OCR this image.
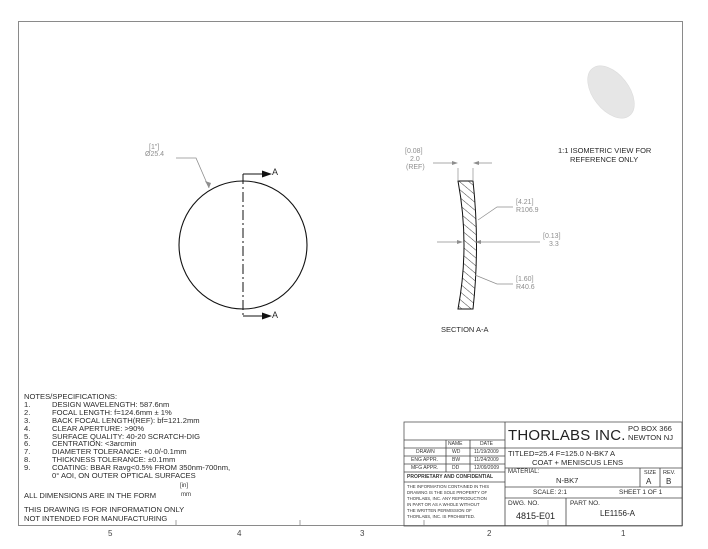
[1"]
Ø25.4
A
A
[0.08]
2.0
(REF)
[4.21]
R106.9
[0.13]
3.3
[1.60]
R40.6
SECTION A-A
1:1 ISOMETRIC VIEW FOR
REFERENCE ONLY
NOTES/SPECIFICATIONS:
1.	DESIGN WAVELENGTH: 587.6nm
2.	FOCAL LENGTH: f=124.6mm ± 1%
3.	BACK FOCAL LENGTH(REF): bf=121.2mm
4.	CLEAR APERTURE: >90%
5.	SURFACE QUALITY: 40-20 SCRATCH-DIG
6.	CENTRATION: <3arcmin
7.	DIAMETER TOLERANCE: +0.0/-0.1mm
8.	THICKNESS TOLERANCE: ±0.1mm
9.	COATING: BBAR Ravg<0.5% FROM 350nm-700nm,
0° AOI, ON OUTER OPTICAL SURFACES
[in]
ALL DIMENSIONS ARE IN THE FORM	mm
THIS DRAWING IS FOR INFORMATION ONLY
NOT INTENDED FOR MANUFACTURING
NAME	DATE
DRAWN	WD	11/19/2009
ENG APPR.	BW	11/24/2009
MFG APPR.	DD	12/09/2009
PROPRIETARY AND CONFIDENTIAL
THE INFORMATION CONTAINED IN THIS
DRAWING IS THE SOLE PROPERTY OF
THORLABS, INC. ANY REPRODUCTION
IN PART OR AS A WHOLE WITHOUT
THE WRITTEN PERMISSION OF
THORLABS, INC. IS PROHIBITED.
THORLABS INC. PO BOX 366
NEWTON NJ
TITLE:
D=25.4 F=125.0 N-BK7 A
COAT + MENISCUS LENS
MATERIAL:
N-BK7
SIZE
A
REV.
B
SCALE: 2:1	SHEET 1 OF 1
DWG. NO.
4815-E01
PART NO.
LE1156-A
5	4	3	2	1
